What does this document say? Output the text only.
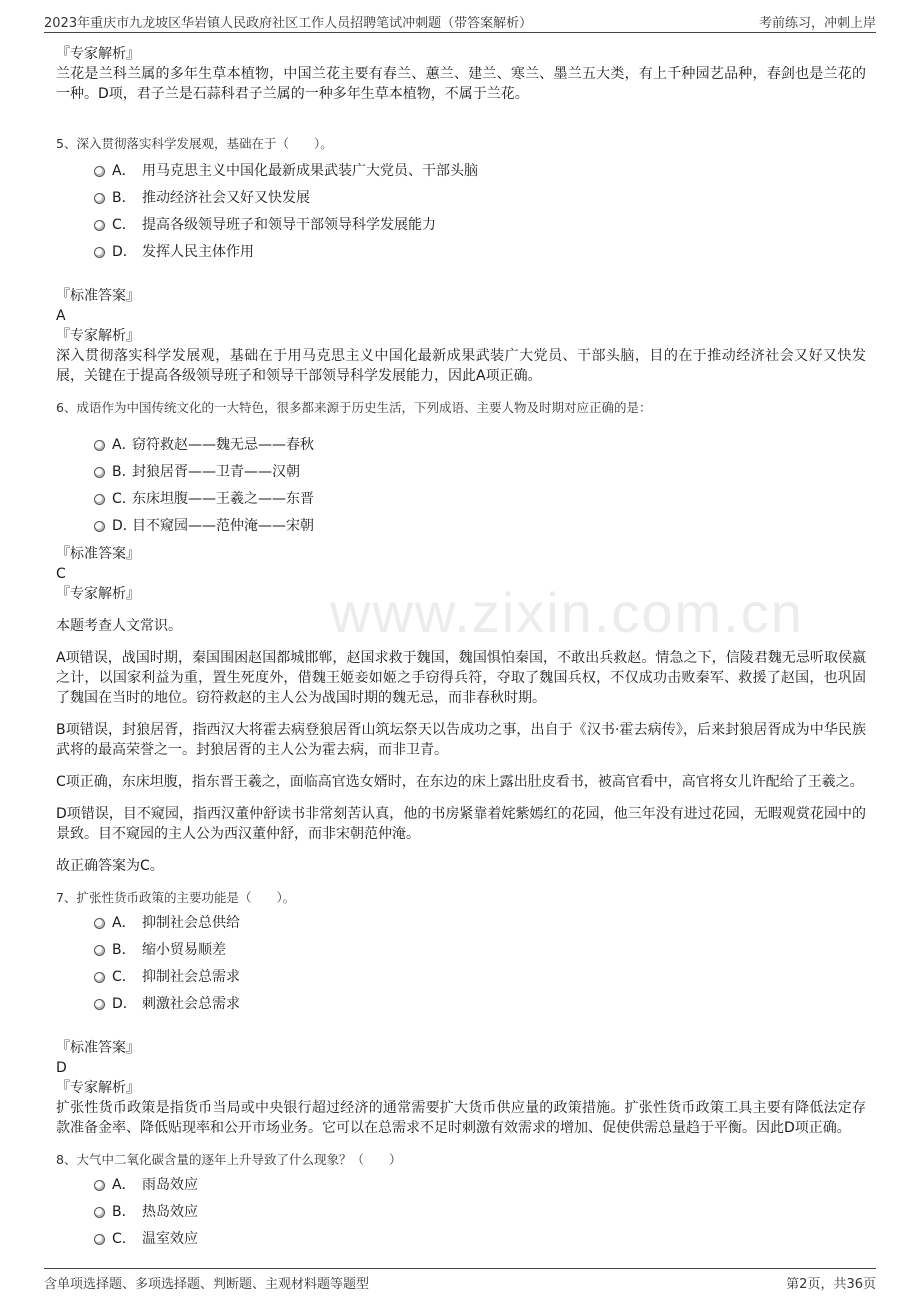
2023年重庆市九龙坡区华岩镇人民政府社区工作人员招聘笔试冲刺题（带答案解析）	考前练习，冲刺上岸
www.zixin.com.cn

『专家解析』

兰花是兰科兰属的多年生草本植物，中国兰花主要有春兰、蕙兰、建兰、寒兰、墨兰五大类，有上千种园艺品种，春剑也是兰花的一种。D项，君子兰是石蒜科君子兰属的一种多年生草本植物，不属于兰花。

5、深入贯彻落实科学发展观，基础在于（　　）。

A． 用马克思主义中国化最新成果武装广大党员、干部头脑
B． 推动经济社会又好又快发展
C． 提高各级领导班子和领导干部领导科学发展能力
D． 发挥人民主体作用

『标准答案』

A

『专家解析』

深入贯彻落实科学发展观，基础在于用马克思主义中国化最新成果武装广大党员、干部头脑，目的在于推动经济社会又好又快发展，关键在于提高各级领导班子和领导干部领导科学发展能力，因此A项正确。

6、成语作为中国传统文化的一大特色，很多都来源于历史生活，下列成语、主要人物及时期对应正确的是：

A．窃符救赵——魏无忌——春秋
B．封狼居胥——卫青——汉朝
C．东床坦腹——王羲之——东晋
D．目不窥园——范仲淹——宋朝

『标准答案』

C

『专家解析』

本题考查人文常识。

A项错误，战国时期，秦国围困赵国都城邯郸，赵国求救于魏国，魏国惧怕秦国，不敢出兵救赵。情急之下，信陵君魏无忌听取侯嬴之计，以国家利益为重，置生死度外，借魏王姬妾如姬之手窃得兵符，夺取了魏国兵权，不仅成功击败秦军、救援了赵国，也巩固了魏国在当时的地位。窃符救赵的主人公为战国时期的魏无忌，而非春秋时期。

B项错误，封狼居胥，指西汉大将霍去病登狼居胥山筑坛祭天以告成功之事，出自于《汉书·霍去病传》，后来封狼居胥成为中华民族武将的最高荣誉之一。封狼居胥的主人公为霍去病，而非卫青。

C项正确，东床坦腹，指东晋王羲之，面临高官选女婿时，在东边的床上露出肚皮看书，被高官看中，高官将女儿许配给了王羲之。

D项错误，目不窥园，指西汉董仲舒读书非常刻苦认真，他的书房紧靠着姹紫嫣红的花园，他三年没有进过花园，无暇观赏花园中的景致。目不窥园的主人公为西汉董仲舒，而非宋朝范仲淹。

故正确答案为C。

7、扩张性货币政策的主要功能是（　　）。

A． 抑制社会总供给
B． 缩小贸易顺差
C． 抑制社会总需求
D． 刺激社会总需求

『标准答案』

D

『专家解析』

扩张性货币政策是指货币当局或中央银行超过经济的通常需要扩大货币供应量的政策措施。扩张性货币政策工具主要有降低法定存款准备金率、降低贴现率和公开市场业务。它可以在总需求不足时刺激有效需求的增加、促使供需总量趋于平衡。因此D项正确。

8、大气中二氧化碳含量的逐年上升导致了什么现象？（　　）

A． 雨岛效应
B． 热岛效应
C． 温室效应
含单项选择题、多项选择题、判断题、主观材料题等题型	第2页，共36页
